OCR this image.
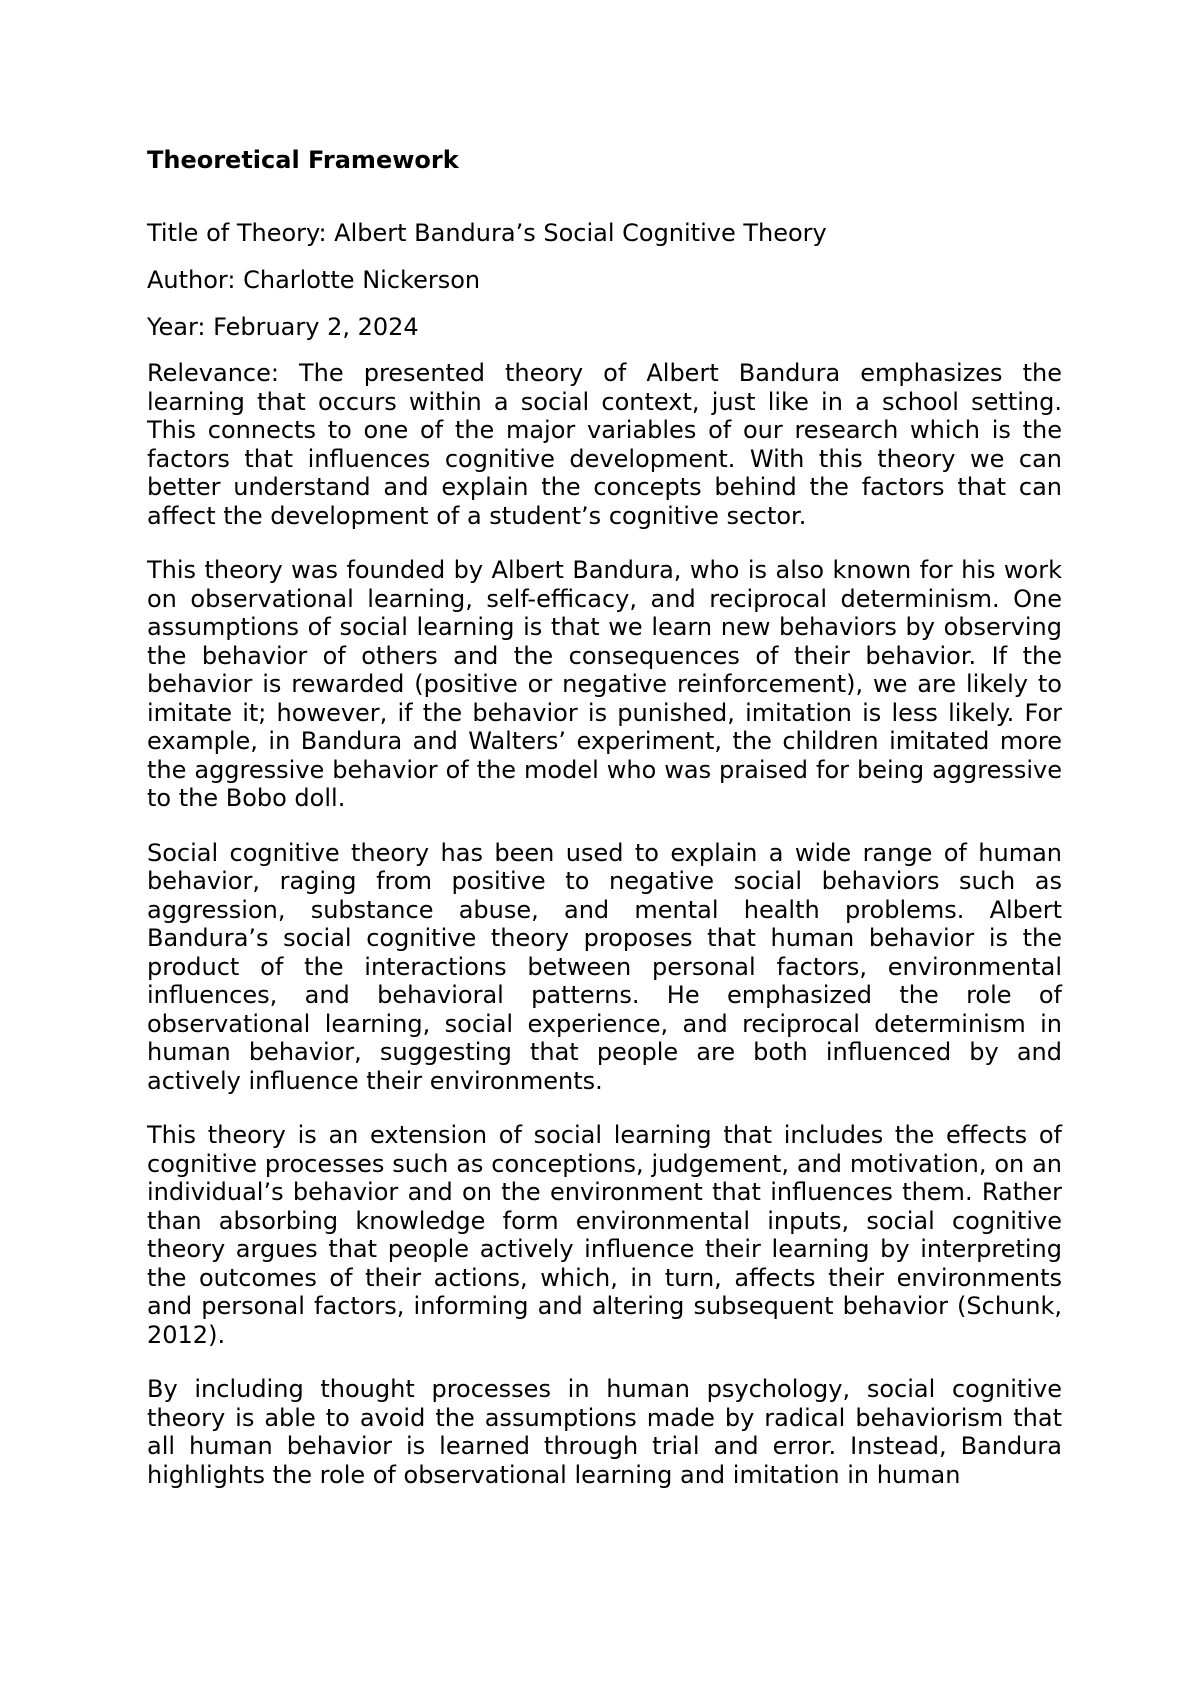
Theoretical Framework

Title of Theory: Albert Bandura’s Social Cognitive Theory

Author: Charlotte Nickerson

Year: February 2, 2024

Relevance: The presented theory of Albert Bandura emphasizes the learning that occurs within a social context, just like in a school setting. This connects to one of the major variables of our research which is the factors that influences cognitive development. With this theory we can better understand and explain the concepts behind the factors that can affect the development of a student’s cognitive sector.

This theory was founded by Albert Bandura, who is also known for his work on observational learning, self-efficacy, and reciprocal determinism. One assumptions of social learning is that we learn new behaviors by observing the behavior of others and the consequences of their behavior. If the behavior is rewarded (positive or negative reinforcement), we are likely to imitate it; however, if the behavior is punished, imitation is less likely. For example, in Bandura and Walters’ experiment, the children imitated more the aggressive behavior of the model who was praised for being aggressive to the Bobo doll.

Social cognitive theory has been used to explain a wide range of human behavior, raging from positive to negative social behaviors such as aggression, substance abuse, and mental health problems. Albert Bandura’s social cognitive theory proposes that human behavior is the product of the interactions between personal factors, environmental influences, and behavioral patterns. He emphasized the role of observational learning, social experience, and reciprocal determinism in human behavior, suggesting that people are both influenced by and actively influence their environments.

This theory is an extension of social learning that includes the effects of cognitive processes such as conceptions, judgement, and motivation, on an individual’s behavior and on the environment that influences them. Rather than absorbing knowledge form environmental inputs, social cognitive theory argues that people actively influence their learning by interpreting the outcomes of their actions, which, in turn, affects their environments and personal factors, informing and altering subsequent behavior (Schunk, 2012).

By including thought processes in human psychology, social cognitive theory is able to avoid the assumptions made by radical behaviorism that all human behavior is learned through trial and error. Instead, Bandura highlights the role of observational learning and imitation in human
